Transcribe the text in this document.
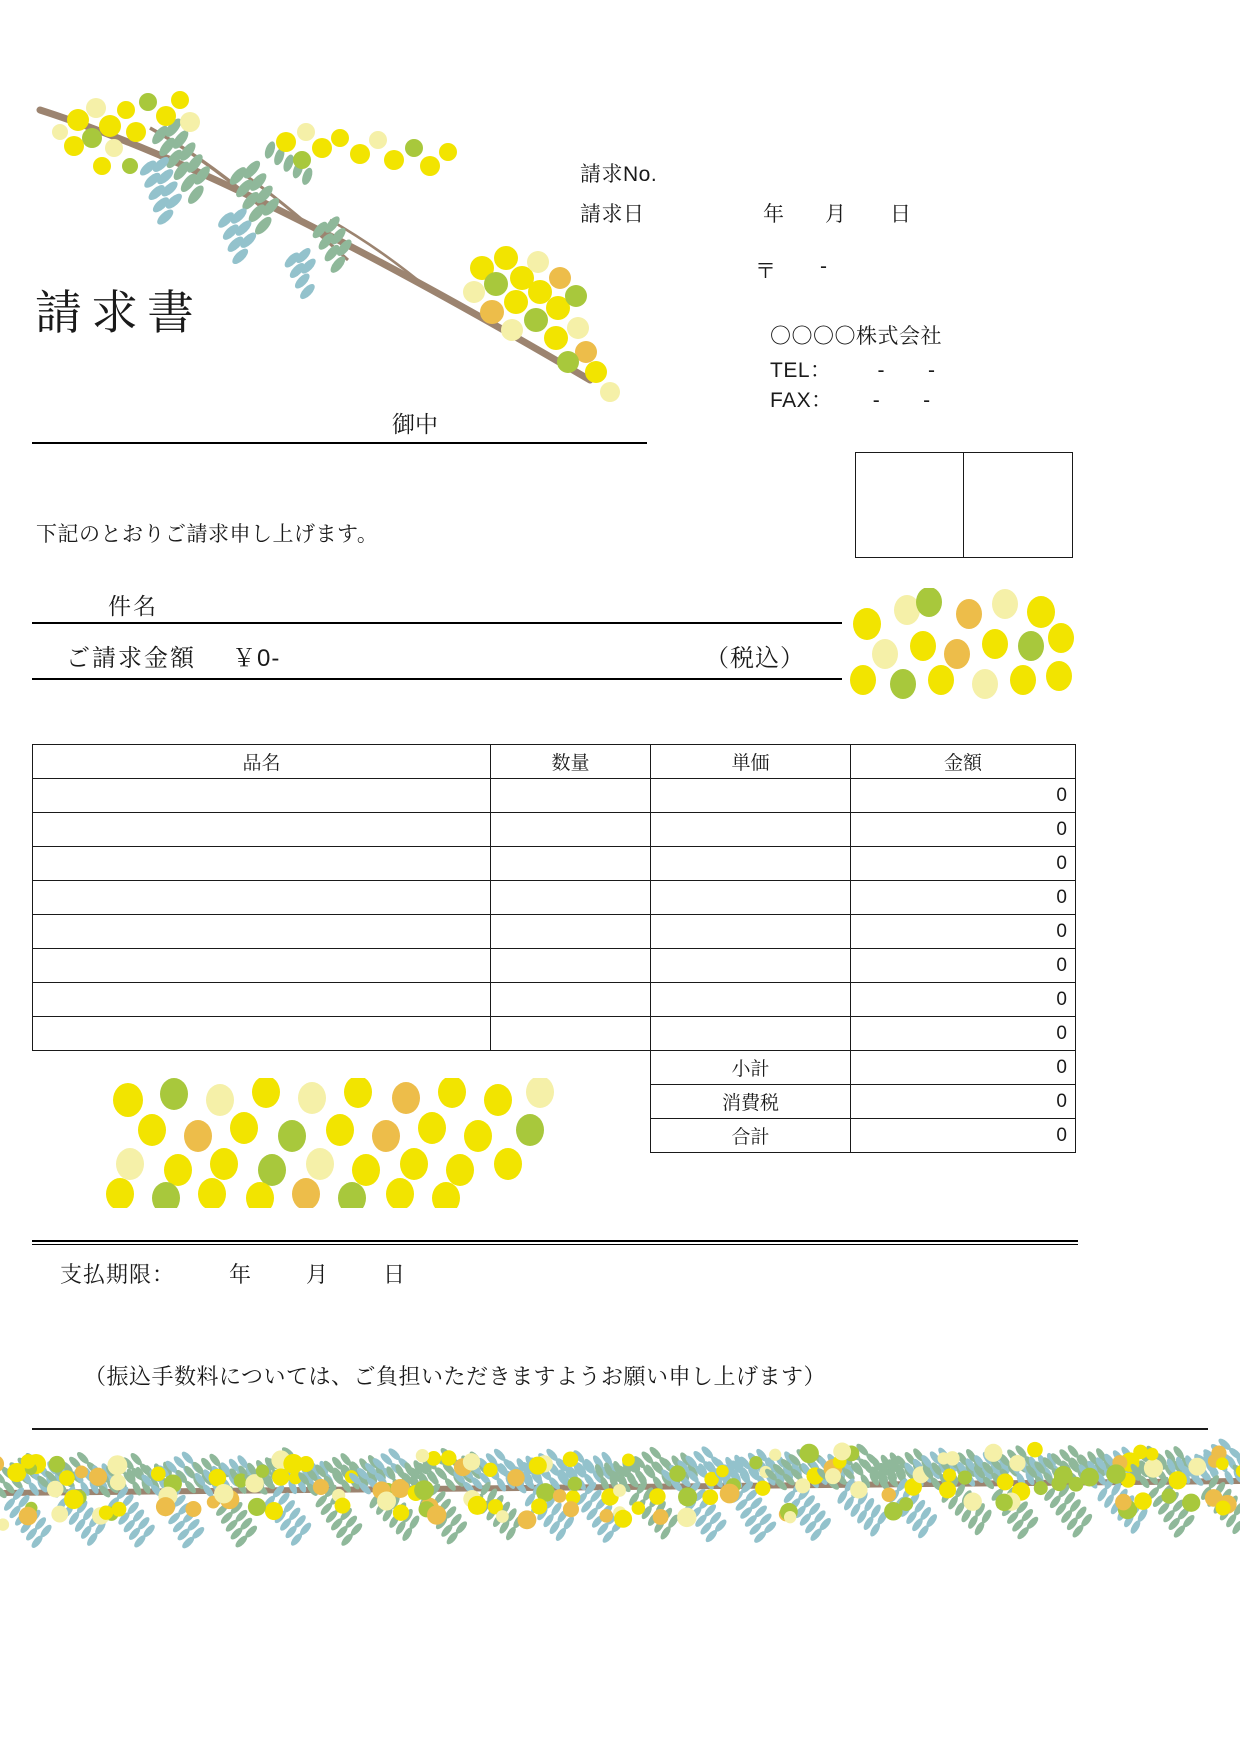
請求No.
請求日	年 月 日
〒 -
〇〇〇〇株式会社
TEL： -　　-
FAX： -　　-
請求書
御中
下記のとおりご請求申し上げます。
件名
ご請求金額 ￥0-	（税込）
品名	数量	単価	金額
			0
			0
			0
			0
			0
			0
			0
			0
		小計	0
		消費税	0
		合計	0
支払期限： 年 月 日
（振込手数料については、ご負担いただきますようお願い申し上げます）
